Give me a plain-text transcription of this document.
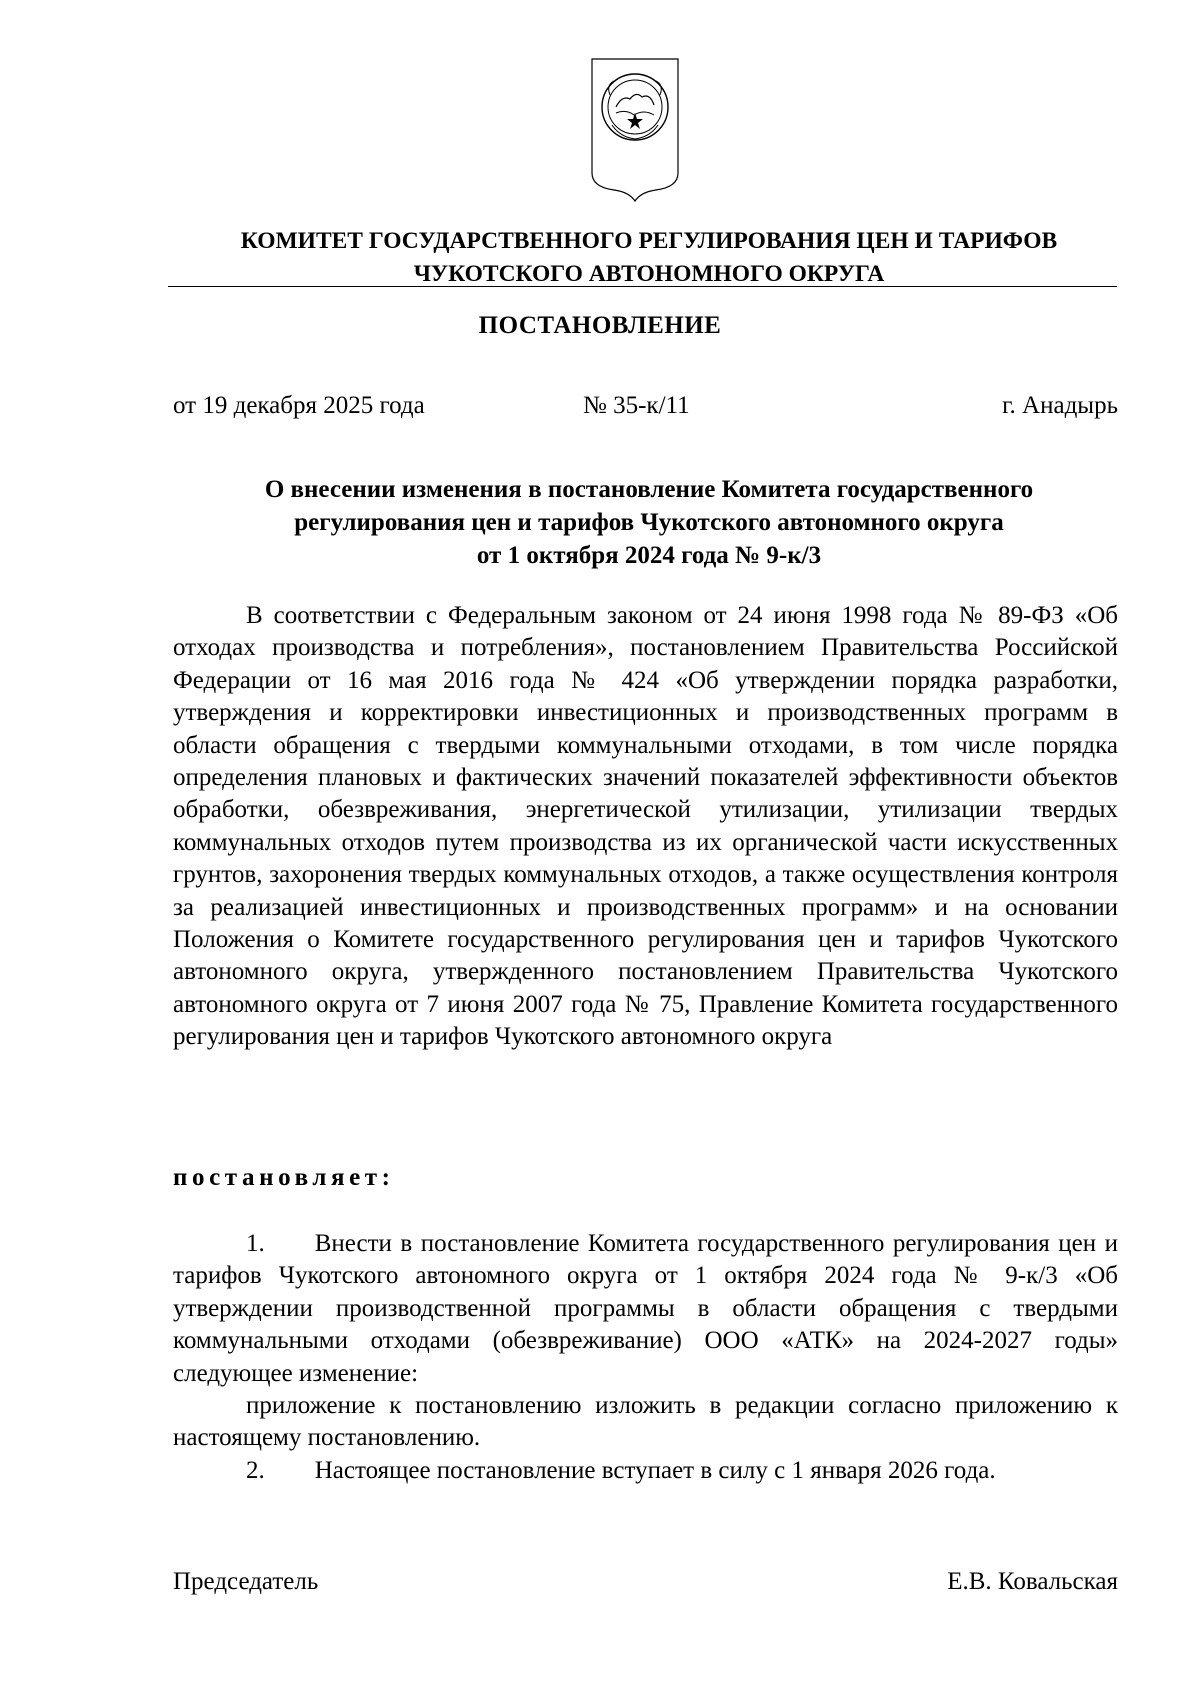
КОМИТЕТ ГОСУДАРСТВЕННОГО РЕГУЛИРОВАНИЯ ЦЕН И ТАРИФОВ
ЧУКОТСКОГО АВТОНОМНОГО ОКРУГА
ПОСТАНОВЛЕНИЕ
от 19 декабря 2025 года	№ 35-к/11	г. Анадырь
О внесении изменения в постановление Комитета государственного
регулирования цен и тарифов Чукотского автономного округа
от 1 октября 2024 года № 9-к/3
В соответствии с Федеральным законом от 24 июня 1998 года № 89-ФЗ «Об отходах производства и потребления», постановлением Правительства Российской Федерации от 16 мая 2016 года № 424 «Об утверждении порядка разработки, утверждения и корректировки инвестиционных и производственных программ в области обращения с твердыми коммунальными отходами, в том числе порядка определения плановых и фактических значений показателей эффективности объектов обработки, обезвреживания, энергетической утилизации, утилизации твердых коммунальных отходов путем производства из их органической части искусственных грунтов, захоронения твердых коммунальных отходов, а также осуществления контроля за реализацией инвестиционных и производственных программ» и на основании Положения о Комитете государственного регулирования цен и тарифов Чукотского автономного округа, утвержденного постановлением Правительства Чукотского автономного округа от 7 июня 2007 года № 75, Правление Комитета государственного регулирования цен и тарифов Чукотского автономного округа
постановляет:
1.  Внести в постановление Комитета государственного регулирования цен и тарифов Чукотского автономного округа от 1 октября 2024 года № 9-к/3 «Об утверждении производственной программы в области обращения с твердыми коммунальными отходами (обезвреживание) ООО «АТК» на 2024-2027 годы» следующее изменение:
приложение к постановлению изложить в редакции согласно приложению к настоящему постановлению.
2.  Настоящее постановление вступает в силу с 1 января 2026 года.
Председатель	Е.В. Ковальская
